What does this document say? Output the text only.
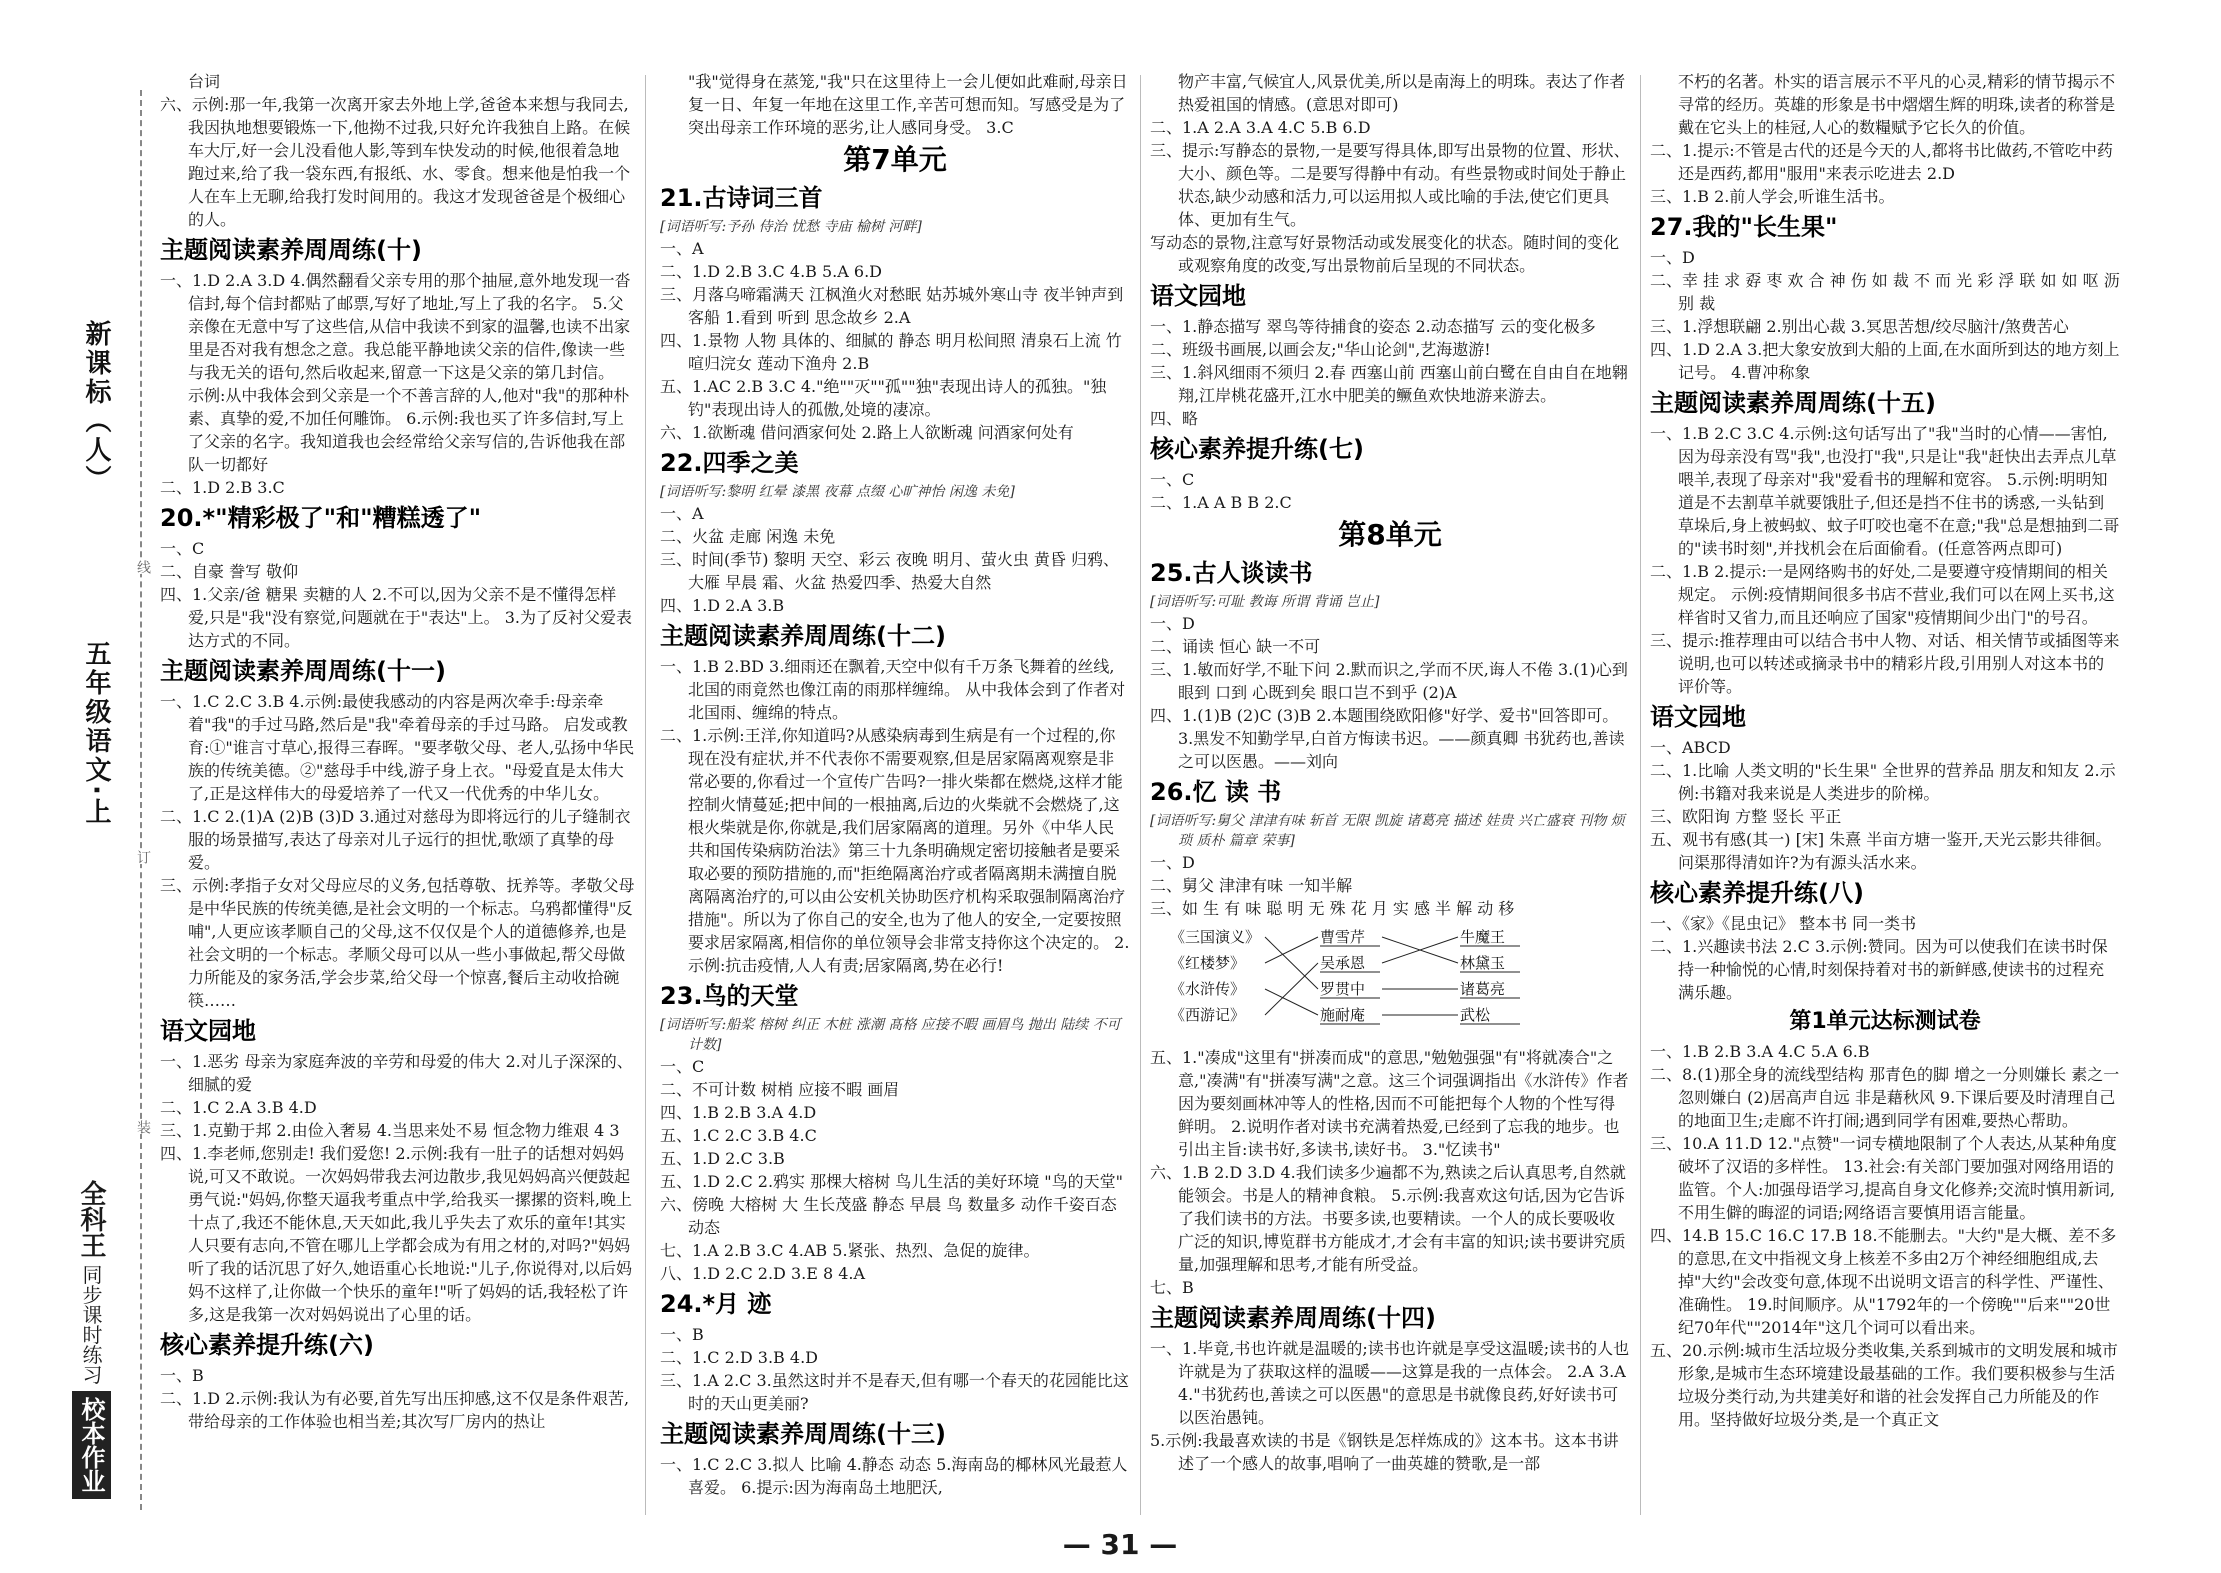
新课标（人）
五年级语文·上
全科王 同步课时练习 校本作业
线
订
装
台词
六、示例:那一年,我第一次离开家去外地上学,爸爸本来想与我同去,我因执地想要锻炼一下,他拗不过我,只好允许我独自上路。在候车大厅,好一会儿没看他人影,等到车快发动的时候,他很着急地跑过来,给了我一袋东西,有报纸、水、零食。想来他是怕我一个人在车上无聊,给我打发时间用的。我这才发现爸爸是个极细心的人。
主题阅读素养周周练(十)
一、1.D 2.A 3.D 4.偶然翻看父亲专用的那个抽屉,意外地发现一沓信封,每个信封都贴了邮票,写好了地址,写上了我的名字。 5.父亲像在无意中写了这些信,从信中我读不到家的温馨,也读不出家里是否对我有想念之意。我总能平静地读父亲的信件,像读一些与我无关的语句,然后收起来,留意一下这是父亲的第几封信。 示例:从中我体会到父亲是一个不善言辞的人,他对"我"的那种朴素、真挚的爱,不加任何雕饰。 6.示例:我也买了许多信封,写上了父亲的名字。我知道我也会经常给父亲写信的,告诉他我在部队一切都好
二、1.D 2.B 3.C
20.*"精彩极了"和"糟糕透了"
一、C
二、自豪 誊写 敬仰
四、1.父亲/爸 糖果 卖糖的人 2.不可以,因为父亲不是不懂得怎样爱,只是"我"没有察觉,问题就在于"表达"上。 3.为了反衬父爱表达方式的不同。
主题阅读素养周周练(十一)
一、1.C 2.C 3.B 4.示例:最使我感动的内容是两次牵手:母亲牵着"我"的手过马路,然后是"我"牵着母亲的手过马路。 启发或教育:①"谁言寸草心,报得三春晖。"要孝敬父母、老人,弘扬中华民族的传统美德。②"慈母手中线,游子身上衣。"母爱直是太伟大了,正是这样伟大的母爱培养了一代又一代优秀的中华儿女。
二、1.C 2.(1)A (2)B (3)D 3.通过对慈母为即将远行的儿子缝制衣服的场景描写,表达了母亲对儿子远行的担忧,歌颂了真挚的母爱。
三、示例:孝指子女对父母应尽的义务,包括尊敬、抚养等。孝敬父母是中华民族的传统美德,是社会文明的一个标志。乌鸦都懂得"反哺",人更应该孝顺自己的父母,这不仅仅是个人的道德修养,也是社会文明的一个标志。孝顺父母可以从一些小事做起,帮父母做力所能及的家务活,学会步菜,给父母一个惊喜,餐后主动收拾碗筷……
语文园地
一、1.恶劣 母亲为家庭奔波的辛劳和母爱的伟大 2.对儿子深深的、细腻的爱
二、1.C 2.A 3.B 4.D
三、1.克勤于邦 2.由俭入奢易 4.当思来处不易 恒念物力维艰 4 3
四、1.李老师,您别走! 我们爱您! 2.示例:我有一肚子的话想对妈妈说,可又不敢说。一次妈妈带我去河边散步,我见妈妈高兴便鼓起勇气说:"妈妈,你整天逼我考重点中学,给我买一摞摞的资料,晚上十点了,我还不能休息,天天如此,我儿乎失去了欢乐的童年!其实人只要有志向,不管在哪儿上学都会成为有用之材的,对吗?"妈妈听了我的话沉思了好久,她语重心长地说:"儿子,你说得对,以后妈妈不这样了,让你做一个快乐的童年!"听了妈妈的话,我轻松了许多,这是我第一次对妈妈说出了心里的话。
核心素养提升练(六)
一、B
二、1.D 2.示例:我认为有必要,首先写出压抑感,这不仅是条件艰苦,带给母亲的工作体验也相当差;其次写厂房内的热让
"我"觉得身在蒸笼,"我"只在这里待上一会儿便如此难耐,母亲日复一日、年复一年地在这里工作,辛苦可想而知。写感受是为了突出母亲工作环境的恶劣,让人感同身受。 3.C
第7单元
21.古诗词三首
[词语听写:予孙 侍治 忧愁 寺庙 榆树 河畔]
一、A
二、1.D 2.B 3.C 4.B 5.A 6.D
三、月落乌啼霜满天 江枫渔火对愁眠 姑苏城外寒山寺 夜半钟声到客船 1.看到 听到 思念故乡 2.A
四、1.景物 人物 具体的、细腻的 静态 明月松间照 清泉石上流 竹喧归浣女 莲动下渔舟 2.B
五、1.AC 2.B 3.C 4."绝""灭""孤""独"表现出诗人的孤独。"独钓"表现出诗人的孤傲,处境的凄凉。
六、1.欲断魂 借问酒家何处 2.路上人欲断魂 问酒家何处有
22.四季之美
[词语听写:黎明 红晕 漆黑 夜幕 点缀 心旷神怡 闲逸 未免]
一、A
二、火盆 走廊 闲逸 未免
三、时间(季节) 黎明 天空、彩云 夜晚 明月、萤火虫 黄昏 归鸦、大雁 早晨 霜、火盆 热爱四季、热爱大自然
四、1.D 2.A 3.B
主题阅读素养周周练(十二)
一、1.B 2.BD 3.细雨还在飘着,天空中似有千万条飞舞着的丝线,北国的雨竟然也像江南的雨那样缠绵。 从中我体会到了作者对北国雨、缠绵的特点。
二、1.示例:王洋,你知道吗?从感染病毒到生病是有一个过程的,你现在没有症状,并不代表你不需要观察,但是居家隔离观察是非常必要的,你看过一个宣传广告吗?一排火柴都在燃烧,这样才能控制火情蔓延;把中间的一根抽离,后边的火柴就不会燃烧了,这根火柴就是你,你就是,我们居家隔离的道理。另外《中华人民共和国传染病防治法》第三十九条明确规定密切接触者是要采取必要的预防措施的,而"拒绝隔离治疗或者隔离期未满擅自脱离隔离治疗的,可以由公安机关协助医疗机构采取强制隔离治疗措施"。所以为了你自己的安全,也为了他人的安全,一定要按照要求居家隔离,相信你的单位领导会非常支持你这个决定的。 2.示例:抗击疫情,人人有责;居家隔离,势在必行!
23.鸟的天堂
[词语听写:船桨 榕树 纠正 木桩 涨潮 髙格 应接不暇 画眉鸟 抛出 陆续 不可计数]
一、C
二、不可计数 树梢 应接不暇 画眉
四、1.B 2.B 3.A 4.D
五、1.C 2.C 3.B 4.C
五、1.D 2.C 3.B
五、1.D 2.C 2.鸦实 那棵大榕树 鸟儿生活的美好环境 "鸟的天堂"
六、傍晚 大榕树 大 生长茂盛 静态 早晨 鸟 数量多 动作千姿百态 动态
七、1.A 2.B 3.C 4.AB 5.紧张、热烈、急促的旋律。
八、1.D 2.C 2.D 3.E 8 4.A
24.*月 迹
一、B
二、1.C 2.D 3.B 4.D
三、1.A 2.C 3.虽然这时并不是春天,但有哪一个春天的花园能比这时的天山更美丽?
主题阅读素养周周练(十三)
一、1.C 2.C 3.拟人 比喻 4.静态 动态 5.海南岛的椰林风光最惹人喜爱。 6.提示:因为海南岛土地肥沃,
物产丰富,气候宜人,风景优美,所以是南海上的明珠。表达了作者热爱祖国的情感。(意思对即可)
二、1.A 2.A 3.A 4.C 5.B 6.D
三、提示:写静态的景物,一是要写得具体,即写出景物的位置、形状、大小、颜色等。二是要写得静中有动。有些景物或时间处于静止状态,缺少动感和活力,可以运用拟人或比喻的手法,使它们更具体、更加有生气。
写动态的景物,注意写好景物活动或发展变化的状态。随时间的变化或观察角度的改变,写出景物前后呈现的不同状态。
语文园地
一、1.静态描写 翠鸟等待捕食的姿态 2.动态描写 云的变化极多
二、班级书画展,以画会友;"华山论剑",艺海遨游!
三、1.斜风细雨不须归 2.春 西塞山前 西塞山前白鹭在自由自在地翱翔,江岸桃花盛开,江水中肥美的鳜鱼欢快地游来游去。
四、略
核心素养提升练(七)
一、C
二、1.A A B B 2.C
第8单元
25.古人谈读书
[词语听写:可耻 教诲 所谓 背诵 岂止]
一、D
二、诵读 恒心 缺一不可
三、1.敏而好学,不耻下问 2.默而识之,学而不厌,诲人不倦 3.(1)心到 眼到 口到 心既到矣 眼口岂不到乎 (2)A
四、1.(1)B (2)C (3)B 2.本题围绕欧阳修"好学、爱书"回答即可。 3.黑发不知勤学早,白首方悔读书迟。——颜真卿 书犹药也,善读之可以医愚。——刘向
26.忆 读 书
[词语听写:舅父 津津有味 斩首 无限 凯旋 诸葛亮 描述 娃贵 兴亡盛衰 刊物 烦琐 质朴 篇章 荣事]
一、D
二、舅父 津津有味 一知半解
三、如 生 有 味 聪 明 无 殊 花 月 实 感 半 解 动 移
《三国演义》
《红楼梦》
《水浒传》
《西游记》
曹雪芹
吴承恩
罗贯中
施耐庵
牛魔王
林黛玉
诸葛亮
武松
五、1."凑成"这里有"拼凑而成"的意思,"勉勉强强"有"将就凑合"之意,"凑满"有"拼凑写满"之意。这三个词强调指出《水浒传》作者因为要刻画林冲等人的性格,因而不可能把每个人物的个性写得鲜明。 2.说明作者对读书充满着热爱,已经到了忘我的地步。也引出主旨:读书好,多读书,读好书。 3."忆读书"
六、1.B 2.D 3.D 4.我们读多少遍都不为,熟读之后认真思考,自然就能领会。书是人的精神食粮。 5.示例:我喜欢这句话,因为它告诉了我们读书的方法。书要多读,也要精读。一个人的成长要吸收广泛的知识,博览群书方能成才,才会有丰富的知识;读书要讲究质量,加强理解和思考,才能有所受益。
七、B
主题阅读素养周周练(十四)
一、1.毕竟,书也许就是温暖的;读书也许就是享受这温暖;读书的人也许就是为了获取这样的温暖——这算是我的一点体会。 2.A 3.A 4."书犹药也,善读之可以医愚"的意思是书就像良药,好好读书可以医治愚钝。
5.示例:我最喜欢读的书是《钢铁是怎样炼成的》这本书。这本书讲述了一个感人的故事,唱响了一曲英雄的赞歌,是一部
不朽的名著。朴实的语言展示不平凡的心灵,精彩的情节揭示不寻常的经历。英雄的形象是书中熠熠生辉的明珠,读者的称誉是戴在它头上的桂冠,人心的数糧赋予它长久的价值。
二、1.提示:不管是古代的还是今天的人,都将书比做药,不管吃中药还是西药,都用"服用"来表示吃进去 2.D
三、1.B 2.前人学会,听谁生活书。
27.我的"长生果"
一、D
二、幸 挂 求 孬 枣 欢 合 神 伤 如 裁 不 而 光 彩 浮 联 如 如 呕 沥 别 裁
三、1.浮想联翩 2.别出心裁 3.冥思苦想/绞尽脑汁/煞费苦心
四、1.D 2.A 3.把大象安放到大船的上面,在水面所到达的地方刻上记号。 4.曹冲称象
主题阅读素养周周练(十五)
一、1.B 2.C 3.C 4.示例:这句话写出了"我"当时的心情——害怕,因为母亲没有骂"我",也没打"我",只是让"我"赶快出去弄点儿草喂羊,表现了母亲对"我"爱看书的理解和宽容。 5.示例:明明知道是不去割草羊就要饿肚子,但还是挡不住书的诱惑,一头钻到草垛后,身上被蚂蚁、蚊子叮咬也毫不在意;"我"总是想抽到二哥的"读书时刻",并找机会在后面偷看。(任意答两点即可)
二、1.B 2.提示:一是网络购书的好处,二是要遵守疫情期间的相关规定。 示例:疫情期间很多书店不营业,我们可以在网上买书,这样省时又省力,而且还响应了国家"疫情期间少出门"的号召。
三、提示:推荐理由可以结合书中人物、对话、相关情节或插图等来说明,也可以转述或摘录书中的精彩片段,引用别人对这本书的评价等。
语文园地
一、ABCD
二、1.比喻 人类文明的"长生果" 全世界的营养品 朋友和知友 2.示例:书籍对我来说是人类进步的阶梯。
三、欧阳询 方整 竖长 平正
五、观书有感(其一) [宋] 朱熹 半亩方塘一鉴开,天光云影共徘徊。问渠那得清如许?为有源头活水来。
核心素养提升练(八)
一、《家》《昆虫记》 整本书 同一类书
二、1.兴趣读书法 2.C 3.示例:赞同。因为可以使我们在读书时保持一种愉悦的心情,时刻保持着对书的新鲜感,使读书的过程充满乐趣。
第1单元达标测试卷
一、1.B 2.B 3.A 4.C 5.A 6.B
二、8.(1)那全身的流线型结构 那青色的脚 增之一分则嫌长 素之一忽则嫌白 (2)居高声自远 非是藉秋风 9.下课后要及时清理自己的地面卫生;走廊不许打闹;遇到同学有困难,要热心帮助。
三、10.A 11.D 12."点赞"一词专横地限制了个人表达,从某种角度破坏了汉语的多样性。 13.社会:有关部门要加强对网络用语的监管。个人:加强母语学习,提高自身文化修养;交流时慎用新词,不用生僻的晦涩的词语;网络语言要慎用语言能量。
四、14.B 15.C 16.C 17.B 18.不能删去。"大约"是大概、差不多的意思,在文中指视文身上核差不多由2万个神经细胞组成,去掉"大约"会改变句意,体现不出说明文语言的科学性、严谨性、准确性。 19.时间顺序。从"1792年的一个傍晚""后来""20世纪70年代""2014年"这几个词可以看出来。
五、20.示例:城市生活垃圾分类收集,关系到城市的文明发展和城市形象,是城市生态环境建设最基础的工作。我们要积极参与生活垃圾分类行动,为共建美好和谐的社会发挥自己力所能及的作用。坚持做好垃圾分类,是一个真正文
— 31 —
